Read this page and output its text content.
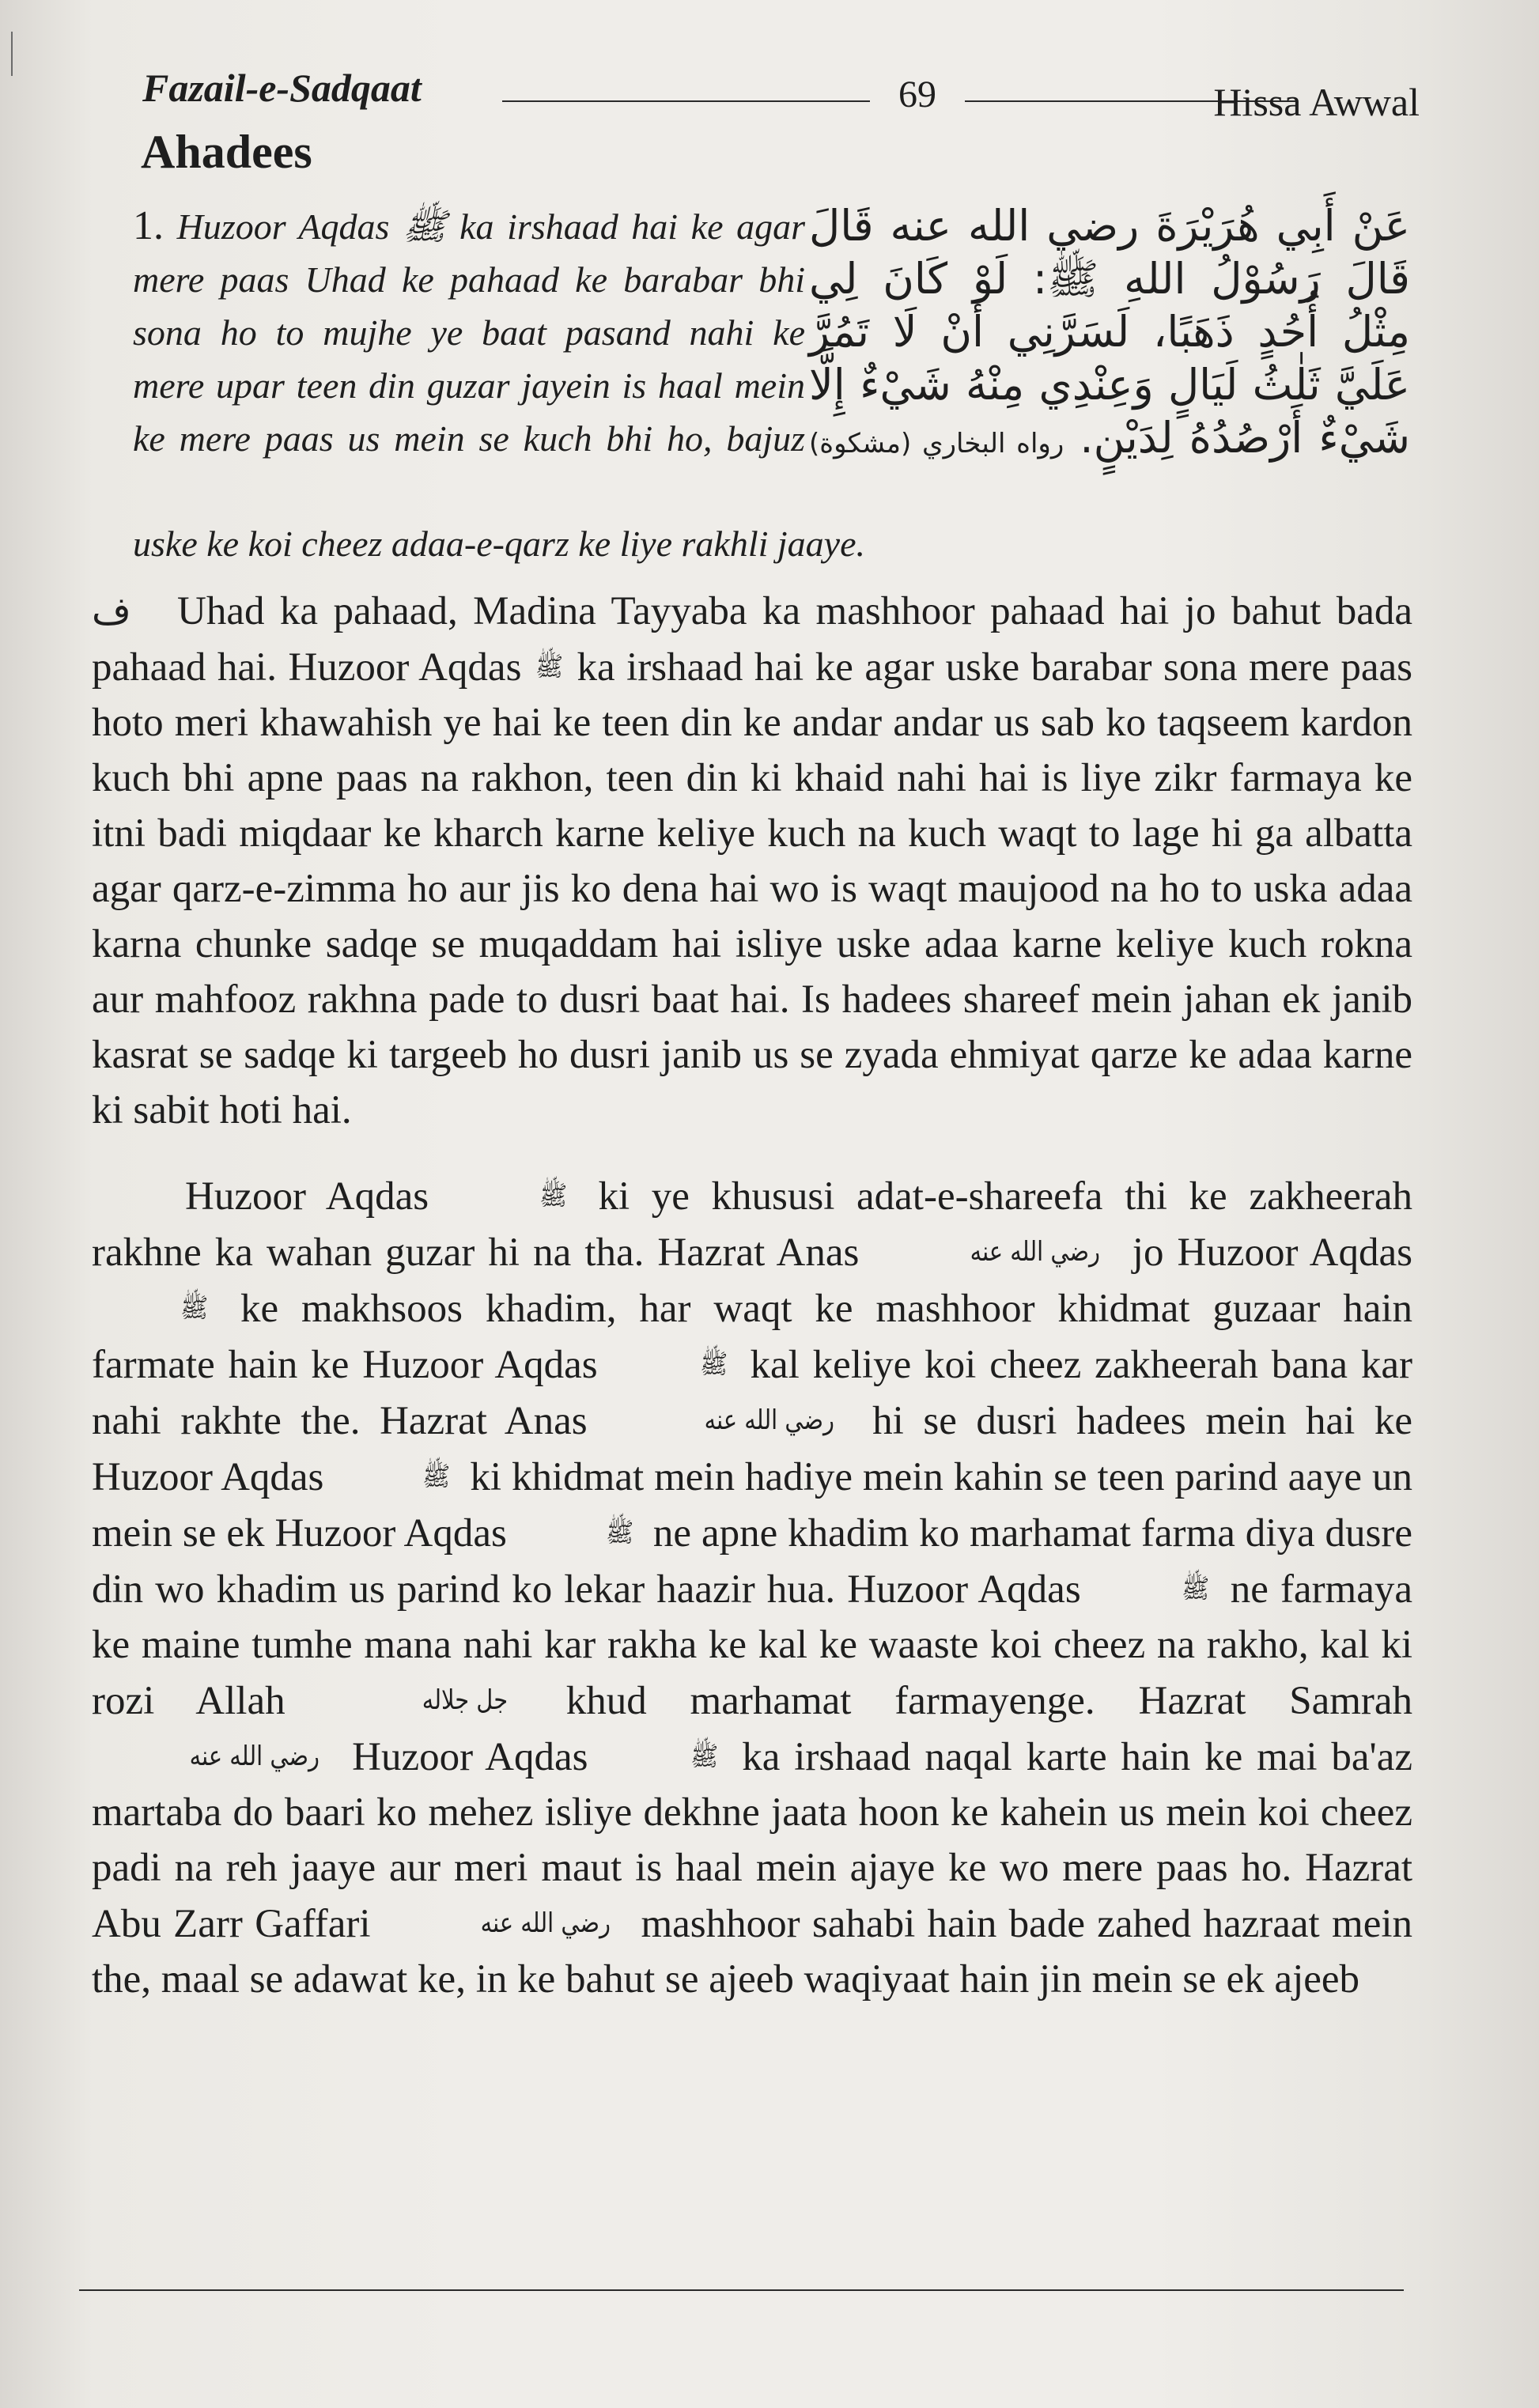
Fazail-e-Sadqaat	69	Hissa Awwal
Ahadees
1. Huzoor Aqdas ﷺ ka irshaad hai ke agar mere paas Uhad ke pahaad ke barabar bhi sona ho to mujhe ye baat pasand nahi ke mere upar teen din guzar jayein is haal mein ke mere paas us mein se kuch bhi ho, bajuz
عَنْ أَبِي هُرَيْرَةَ رضي الله عنه قَالَ قَالَ رَسُوْلُ اللهِ ﷺ: لَوْ كَانَ لِي مِثْلُ أُحُدٍ ذَهَبًا، لَسَرَّنِي أَنْ لَا تَمُرَّ عَلَيَّ ثَلٰثُ لَيَالٍ وَعِنْدِي مِنْهُ شَيْءٌ إِلَّا شَيْءٌ أَرْصُدُهُ لِدَيْنٍ. رواه البخاري (مشكوة)
uske ke koi cheez adaa-e-qarz ke liye rakhli jaaye.

ف Uhad ka pahaad, Madina Tayyaba ka mashhoor pahaad hai jo bahut bada pahaad hai. Huzoor Aqdas ﷺ ka irshaad hai ke agar uske barabar sona mere paas hoto meri khawahish ye hai ke teen din ke andar andar us sab ko taqseem kardon kuch bhi apne paas na rakhon, teen din ki khaid nahi hai is liye zikr farmaya ke itni badi miqdaar ke kharch karne keliye kuch na kuch waqt to lage hi ga albatta agar qarz-e-zimma ho aur jis ko dena hai wo is waqt maujood na ho to uska adaa karna chunke sadqe se muqaddam hai isliye uske adaa karne keliye kuch rokna aur mahfooz rakhna pade to dusri baat hai. Is hadees shareef mein jahan ek janib kasrat se sadqe ki targeeb ho dusri janib us se zyada ehmiyat qarze ke adaa karne ki sabit hoti hai.

Huzoor Aqdas	ﷺ ki ye khususi adat-e-shareefa thi ke zakheerah rakhne ka wahan guzar hi na tha. Hazrat Anas	رضي الله عنه jo Huzoor Aqdas ﷺ ke makhsoos khadim, har waqt ke mashhoor khidmat guzaar hain farmate hain ke Huzoor Aqdas	ﷺ kal keliye koi cheez zakheerah bana kar nahi rakhte the. Hazrat Anas	رضي الله عنه hi se dusri hadees mein hai ke Huzoor Aqdas	ﷺ ki khidmat mein hadiye mein kahin se teen parind aaye un mein se ek Huzoor Aqdas	ﷺ ne apne khadim ko marhamat farma diya dusre din wo khadim us parind ko lekar haazir hua. Huzoor Aqdas	ﷺ ne farmaya ke maine tumhe mana nahi kar rakha ke kal ke waaste koi cheez na rakho, kal ki rozi Allah	جل جلاله khud marhamat farmayenge. Hazrat Samrah رضي الله عنه Huzoor Aqdas	ﷺ ka irshaad naqal karte hain ke mai ba'az martaba do baari ko mehez isliye dekhne jaata hoon ke kahein us mein koi cheez padi na reh jaaye aur meri maut is haal mein ajaye ke wo mere paas ho. Hazrat Abu Zarr Gaffari	رضي الله عنه mashhoor sahabi hain bade zahed hazraat mein the, maal se adawat ke, in ke bahut se ajeeb waqiyaat hain jin mein se ek ajeeb
